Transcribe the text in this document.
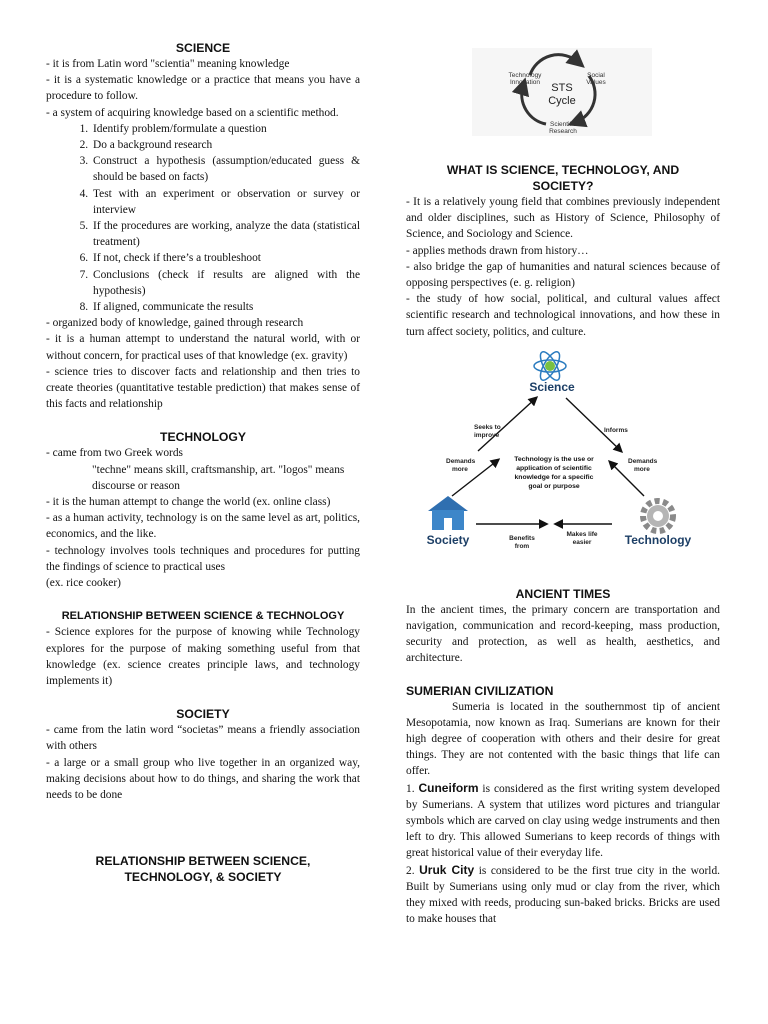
SCIENCE

- it is from Latin word "scientia" meaning knowledge

- it is a systematic knowledge or a practice that means you have a procedure to follow.

- a system of acquiring knowledge based on a scientific method.

1. Identify problem/formulate a question
2. Do a background research
3. Construct a hypothesis (assumption/educated guess & should be based on facts)
4. Test with an experiment or observation or survey or interview
5. If the procedures are working, analyze the data (statistical treatment)
6. If not, check if there’s a troubleshoot
7. Conclusions (check if results are aligned with the hypothesis)
8. If aligned, communicate the results

- organized body of knowledge, gained through research

- it is a human attempt to understand the natural world, with or without concern, for practical uses of that knowledge (ex. gravity)

- science tries to discover facts and relationship and then tries to create theories (quantitative testable prediction) that makes sense of this facts and relationship

TECHNOLOGY

- came from two Greek words

"techne" means skill, craftsmanship, art. "logos" means discourse or reason

- it is the human attempt to change the world (ex. online class)

- as a human activity, technology is on the same level as art, politics, economics, and the like.

- technology involves tools techniques and procedures for putting the findings of science to practical uses

(ex. rice cooker)

RELATIONSHIP BETWEEN SCIENCE & TECHNOLOGY

- Science explores for the purpose of knowing while Technology explores for the purpose of making something useful from that knowledge (ex. science creates principle laws, and technology implements it)

SOCIETY

- came from the latin word “societas” means a friendly association with others

- a large or a small group who live together in an organized way, making decisions about how to do things, and sharing the work that needs to be done

RELATIONSHIP BETWEEN SCIENCE, TECHNOLOGY, & SOCIETY
STS
Cycle
Technology
Innovation
Social
Values
Scientific
Research
WHAT IS SCIENCE, TECHNOLOGY, AND SOCIETY?

- It is a relatively young field that combines previously independent and older disciplines, such as History of Science, Philosophy of Science, and Sociology and Science.

- applies methods drawn from history…

- also bridge the gap of humanities and natural sciences because of opposing perspectives (e. g. religion)

- the study of how social, political, and cultural values affect scientific research and technological innovations, and how these in turn affect society, politics, and culture.

Science
Seeks to
improve
Informs
Demands
more
Demands
more
Technology is the use or
application of scientific
knowledge for a specific
goal or purpose
Society	Technology
Benefits
from
Makes life
easier
ANCIENT TIMES

In the ancient times, the primary concern are transportation and navigation, communication and record-keeping, mass production, security and protection, as well as health, aesthetics, and architecture.

SUMERIAN CIVILIZATION

Sumeria is located in the southernmost tip of ancient Mesopotamia, now known as Iraq. Sumerians are known for their high degree of cooperation with others and their desire for great things. They are not contented with the basic things that life can offer.

1. Cuneiform is considered as the first writing system developed by Sumerians. A system that utilizes word pictures and triangular symbols which are carved on clay using wedge instruments and then left to dry. This allowed Sumerians to keep records of things with great historical value of their everyday life.

2. Uruk City is considered to be the first true city in the world. Built by Sumerians using only mud or clay from the river, which they mixed with reeds, producing sun-baked bricks. Bricks are used to make houses that
